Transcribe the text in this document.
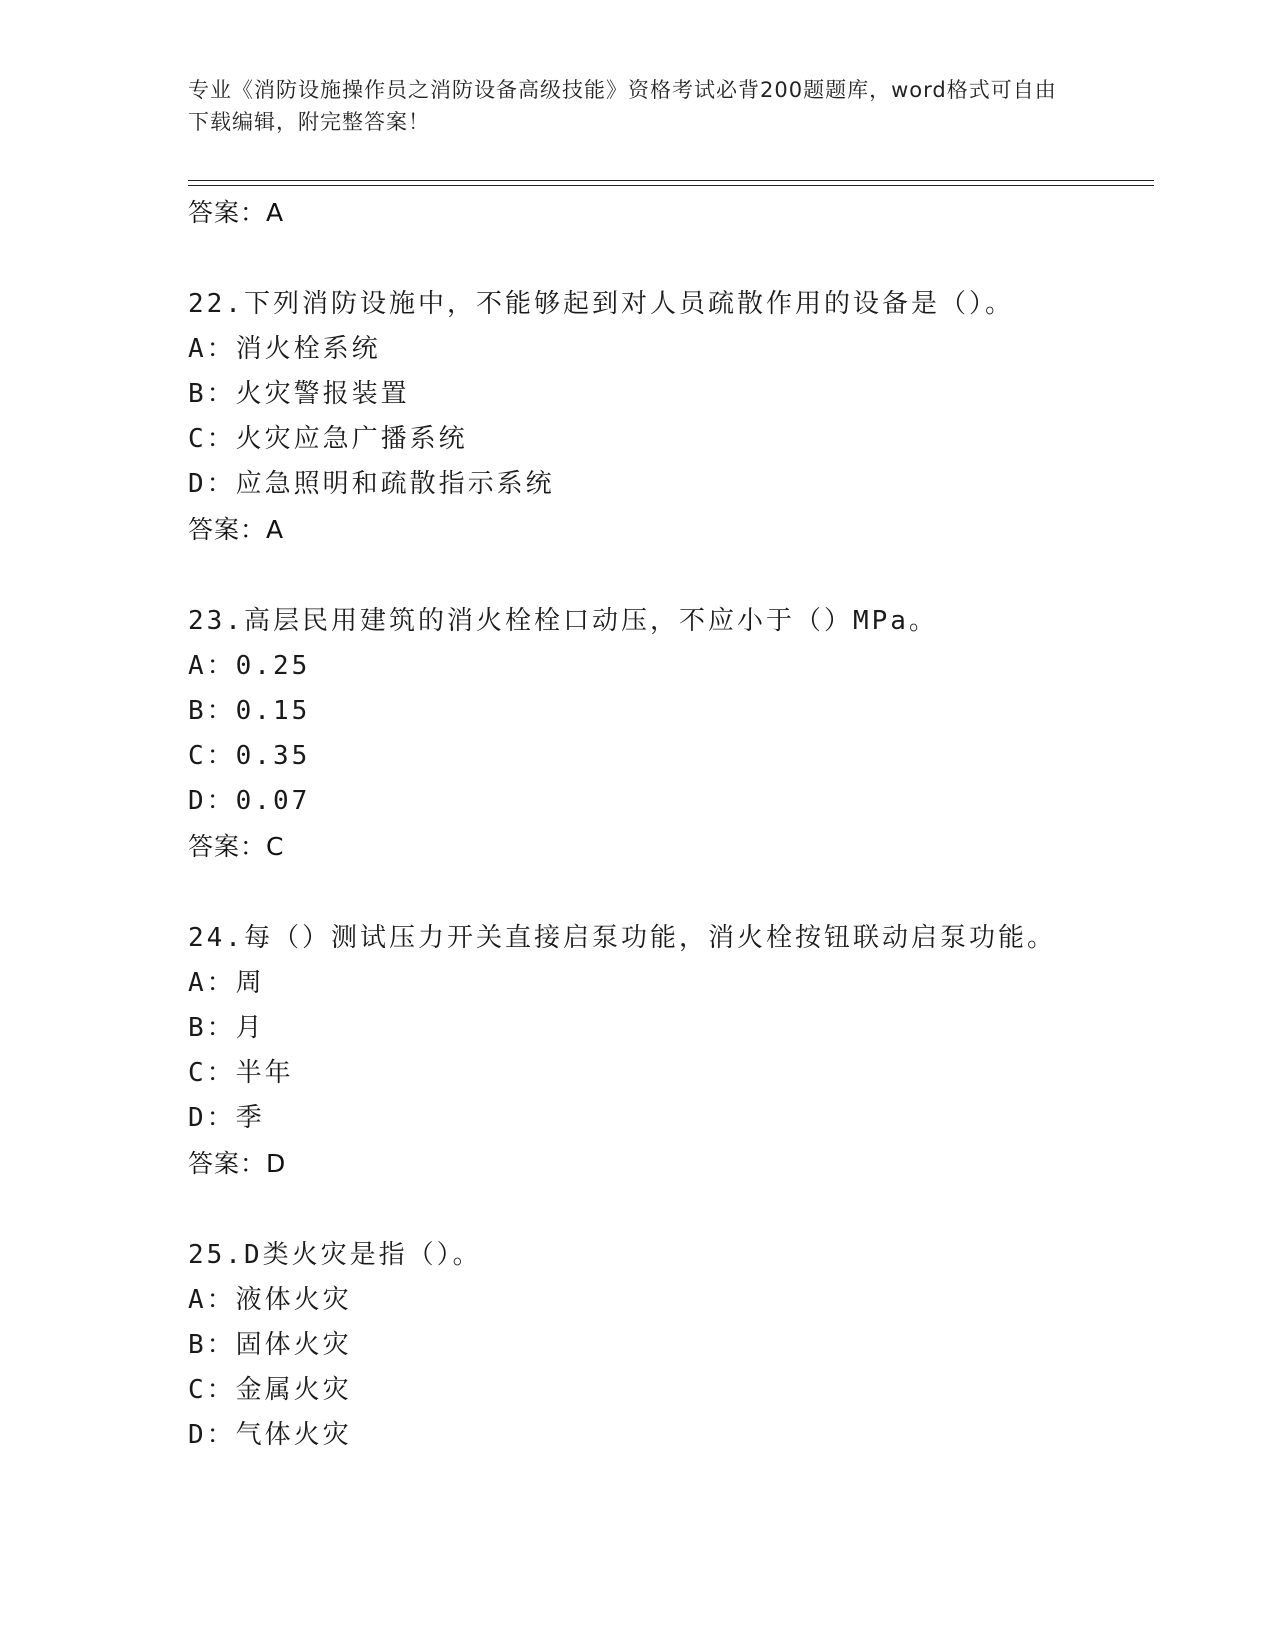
专业《消防设施操作员之消防设备高级技能》资格考试必背200题题库，word格式可自由下载编辑，附完整答案！
答案：A
22.下列消防设施中，不能够起到对人员疏散作用的设备是（）。
A：消火栓系统
B：火灾警报装置
C：火灾应急广播系统
D：应急照明和疏散指示系统
答案：A
23.高层民用建筑的消火栓栓口动压，不应小于（）MPa。
A：0.25
B：0.15
C：0.35
D：0.07
答案：C
24.每（）测试压力开关直接启泵功能，消火栓按钮联动启泵功能。
A：周
B：月
C：半年
D：季
答案：D
25.D类火灾是指（）。
A：液体火灾
B：固体火灾
C：金属火灾
D：气体火灾
